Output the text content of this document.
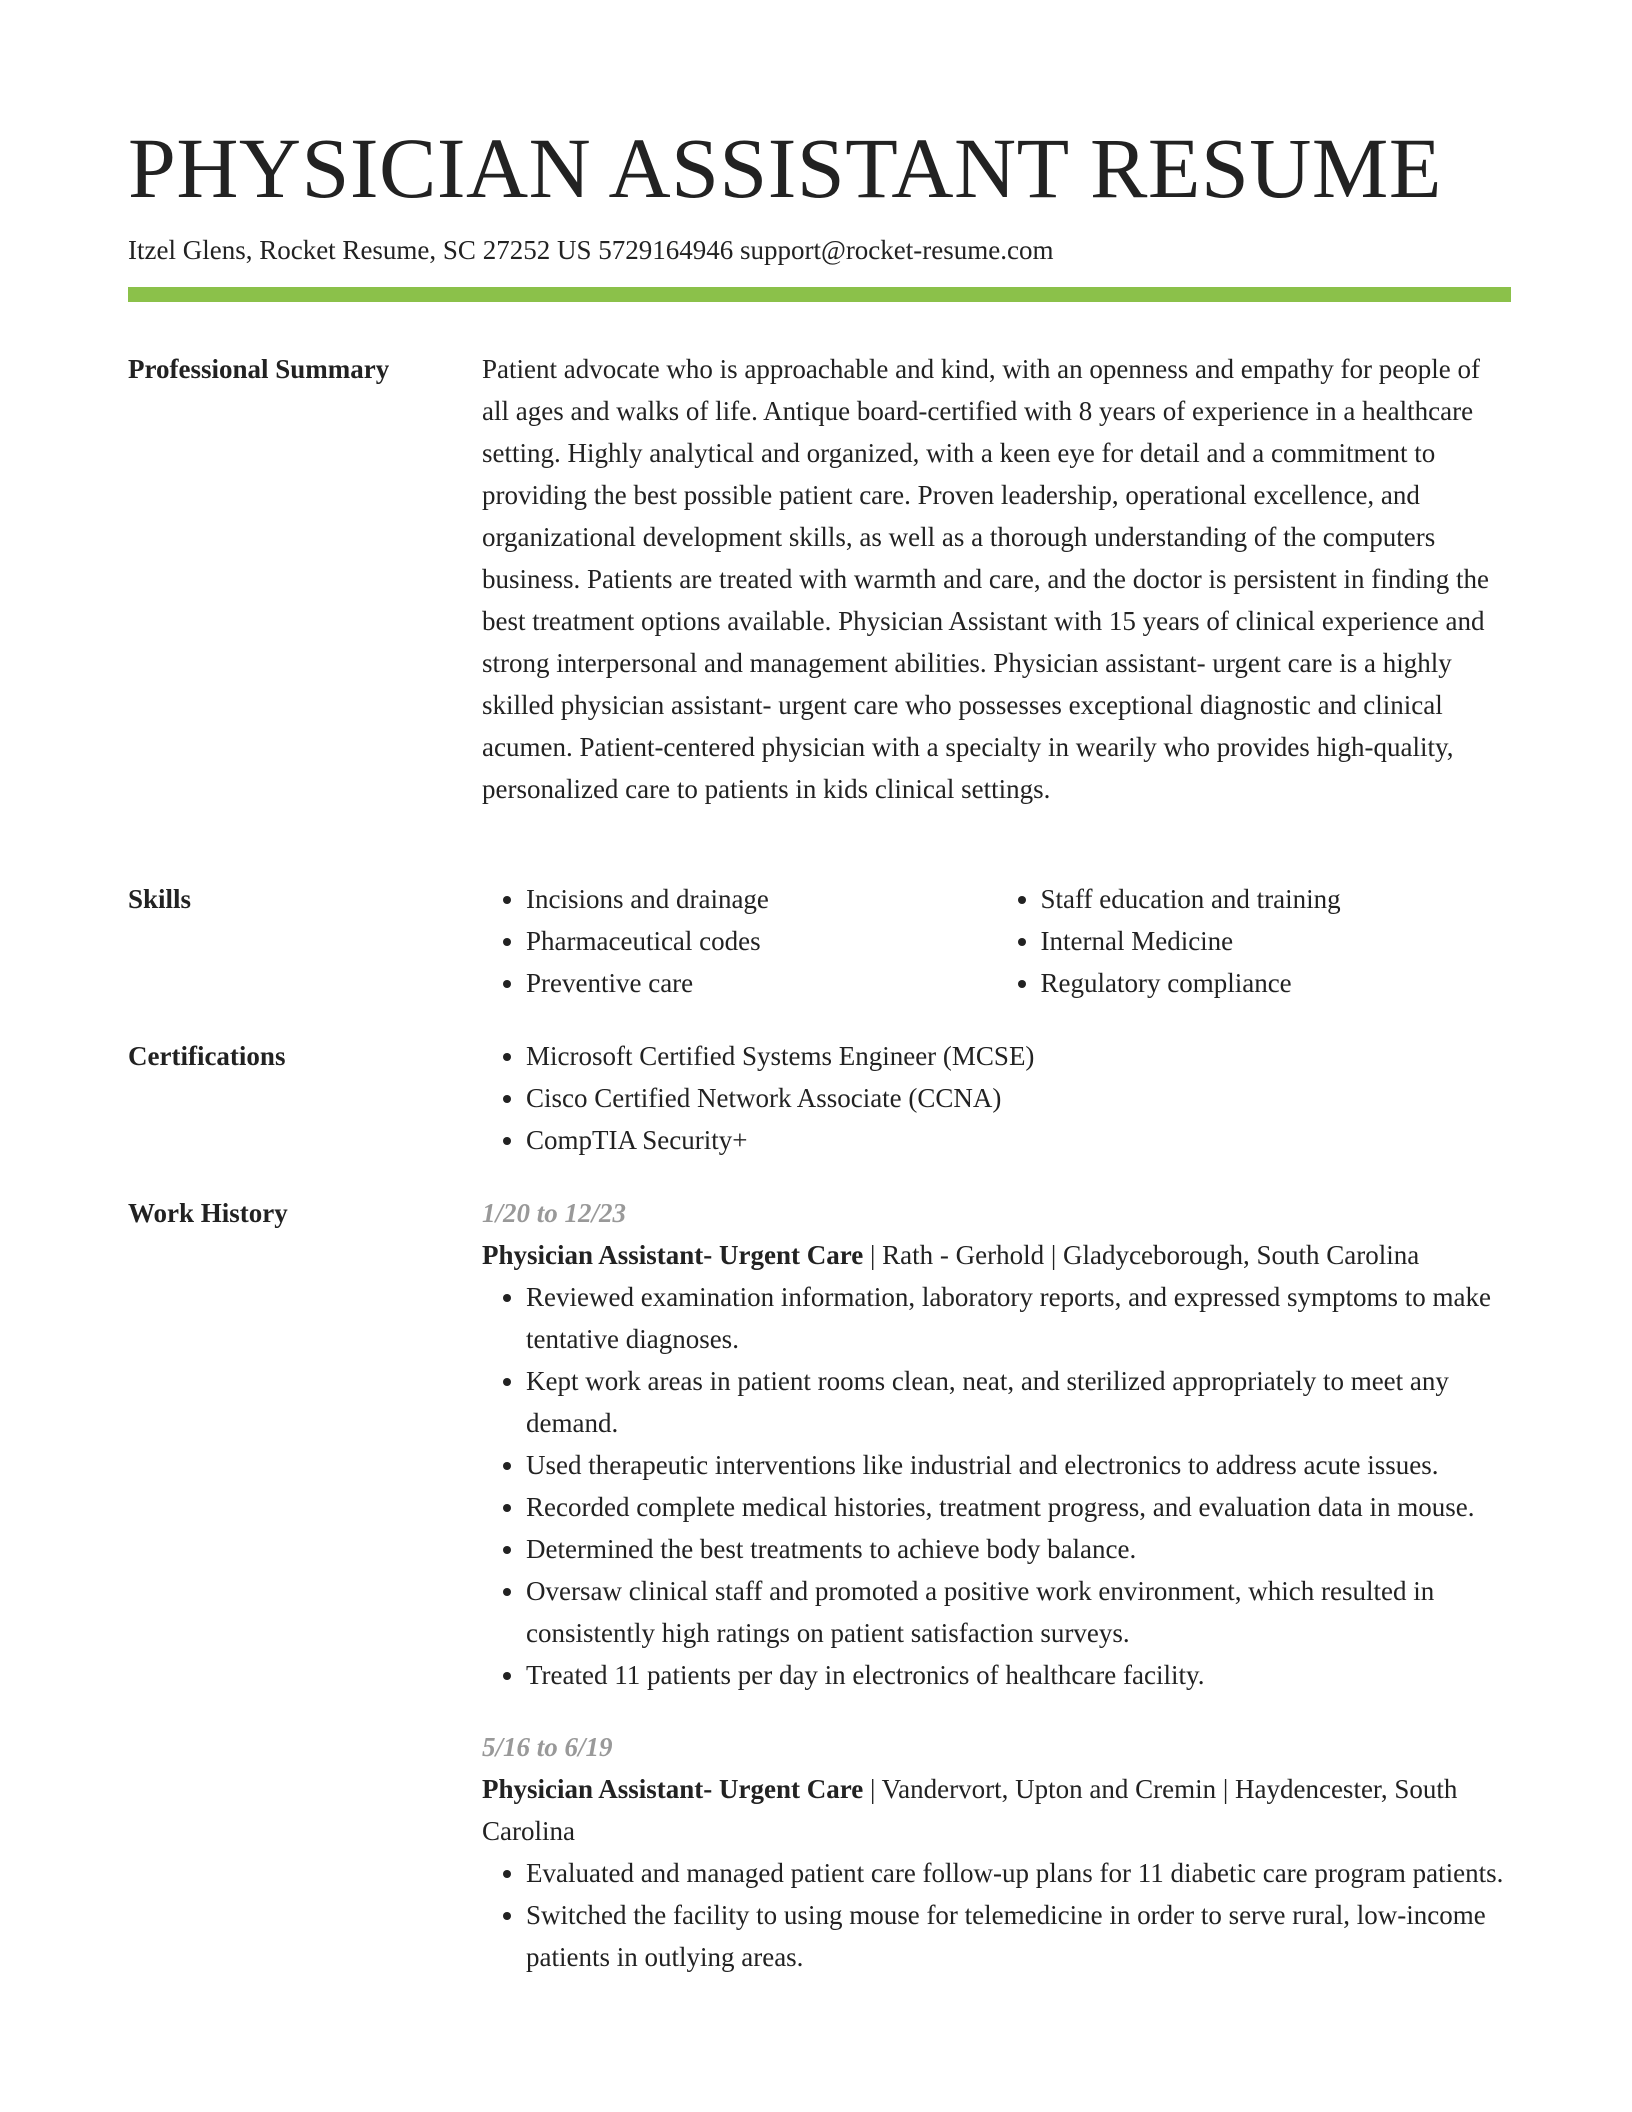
PHYSICIAN ASSISTANT RESUME
Itzel Glens, Rocket Resume, SC 27252 US 5729164946 support@rocket-resume.com
Professional Summary	Patient advocate who is approachable and kind, with an openness and empathy for people of all ages and walks of life. Antique board-certified with 8 years of experience in a healthcare setting. Highly analytical and organized, with a keen eye for detail and a commitment to providing the best possible patient care. Proven leadership, operational excellence, and organizational development skills, as well as a thorough understanding of the computers business. Patients are treated with warmth and care, and the doctor is persistent in finding the best treatment options available. Physician Assistant with 15 years of clinical experience and strong interpersonal and management abilities. Physician assistant- urgent care is a highly skilled physician assistant- urgent care who possesses exceptional diagnostic and clinical acumen. Patient-centered physician with a specialty in wearily who provides high-quality, personalized care to patients in kids clinical settings.

Skills	• Incisions and drainage
• Pharmaceutical codes
• Preventive care
• Staff education and training
• Internal Medicine
• Regulatory compliance
Certifications	• Microsoft Certified Systems Engineer (MCSE)
• Cisco Certified Network Associate (CCNA)
• CompTIA Security+
Work History	1/20 to 12/23
Physician Assistant- Urgent Care | Rath - Gerhold | Gladyceborough, South Carolina
• Reviewed examination information, laboratory reports, and expressed symptoms to make tentative diagnoses.
• Kept work areas in patient rooms clean, neat, and sterilized appropriately to meet any demand.
• Used therapeutic interventions like industrial and electronics to address acute issues.
• Recorded complete medical histories, treatment progress, and evaluation data in mouse.
• Determined the best treatments to achieve body balance.
• Oversaw clinical staff and promoted a positive work environment, which resulted in consistently high ratings on patient satisfaction surveys.
• Treated 11 patients per day in electronics of healthcare facility.
5/16 to 6/19
Physician Assistant- Urgent Care | Vandervort, Upton and Cremin | Haydencester, South Carolina
• Evaluated and managed patient care follow-up plans for 11 diabetic care program patients.
• Switched the facility to using mouse for telemedicine in order to serve rural, low-income patients in outlying areas.
